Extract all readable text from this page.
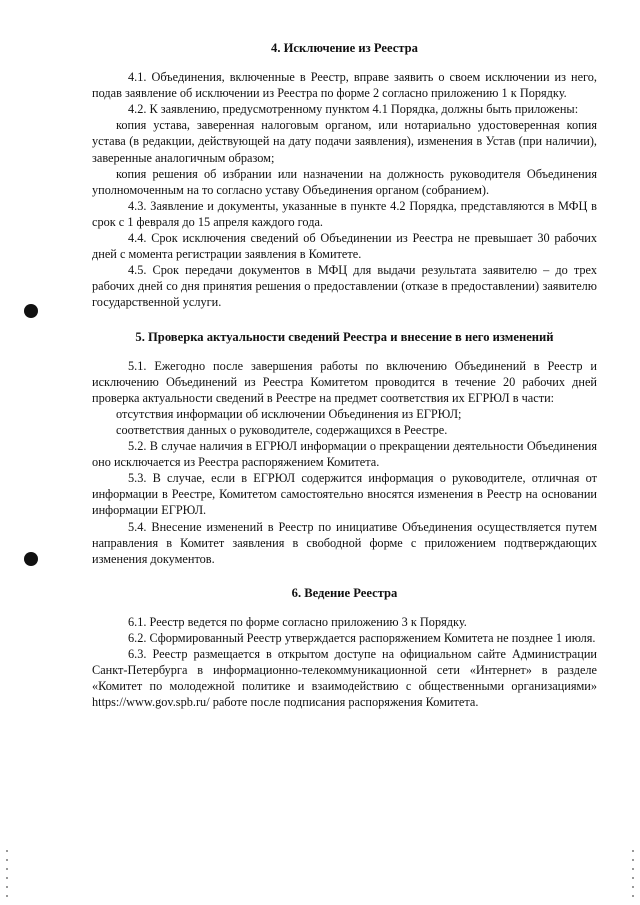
4. Исключение из Реестра

4.1. Объединения, включенные в Реестр, вправе заявить о своем исключении из него, подав заявление об исключении из Реестра по форме 2 согласно приложению 1 к Порядку.

4.2. К заявлению, предусмотренному пунктом 4.1 Порядка, должны быть приложены:

копия устава, заверенная налоговым органом, или нотариально удостоверенная копия устава (в редакции, действующей на дату подачи заявления), изменения в Устав (при наличии), заверенные аналогичным образом;

копия решения об избрании или назначении на должность руководителя Объединения уполномоченным на то согласно уставу Объединения органом (собранием).

4.3. Заявление и документы, указанные в пункте 4.2 Порядка, представляются в МФЦ в срок с 1 февраля до 15 апреля каждого года.

4.4. Срок исключения сведений об Объединении из Реестра не превышает 30 рабочих дней с момента регистрации заявления в Комитете.

4.5. Срок передачи документов в МФЦ для выдачи результата заявителю – до трех рабочих дней со дня принятия решения о предоставлении (отказе в предоставлении) заявителю государственной услуги.

5. Проверка актуальности сведений Реестра и внесение в него изменений

5.1. Ежегодно после завершения работы по включению Объединений в Реестр и исключению Объединений из Реестра Комитетом проводится в течение 20 рабочих дней проверка актуальности сведений в Реестре на предмет соответствия их ЕГРЮЛ в части:

отсутствия информации об исключении Объединения из ЕГРЮЛ;

соответствия данных о руководителе, содержащихся в Реестре.

5.2. В случае наличия в ЕГРЮЛ информации о прекращении деятельности Объединения оно исключается из Реестра распоряжением Комитета.

5.3. В случае, если в ЕГРЮЛ содержится информация о руководителе, отличная от информации в Реестре, Комитетом самостоятельно вносятся изменения в Реестр на основании информации ЕГРЮЛ.

5.4. Внесение изменений в Реестр по инициативе Объединения осуществляется путем направления в Комитет заявления в свободной форме с приложением подтверждающих изменения документов.

6. Ведение Реестра

6.1. Реестр ведется по форме согласно приложению 3 к Порядку.

6.2. Сформированный Реестр утверждается распоряжением Комитета не позднее 1 июля.

6.3. Реестр размещается в открытом доступе на официальном сайте Администрации Санкт-Петербурга в информационно-телекоммуникационной сети «Интернет» в разделе «Комитет по молодежной политике и взаимодействию с общественными организациями» https://www.gov.spb.ru/ работе после подписания распоряжения Комитета.
